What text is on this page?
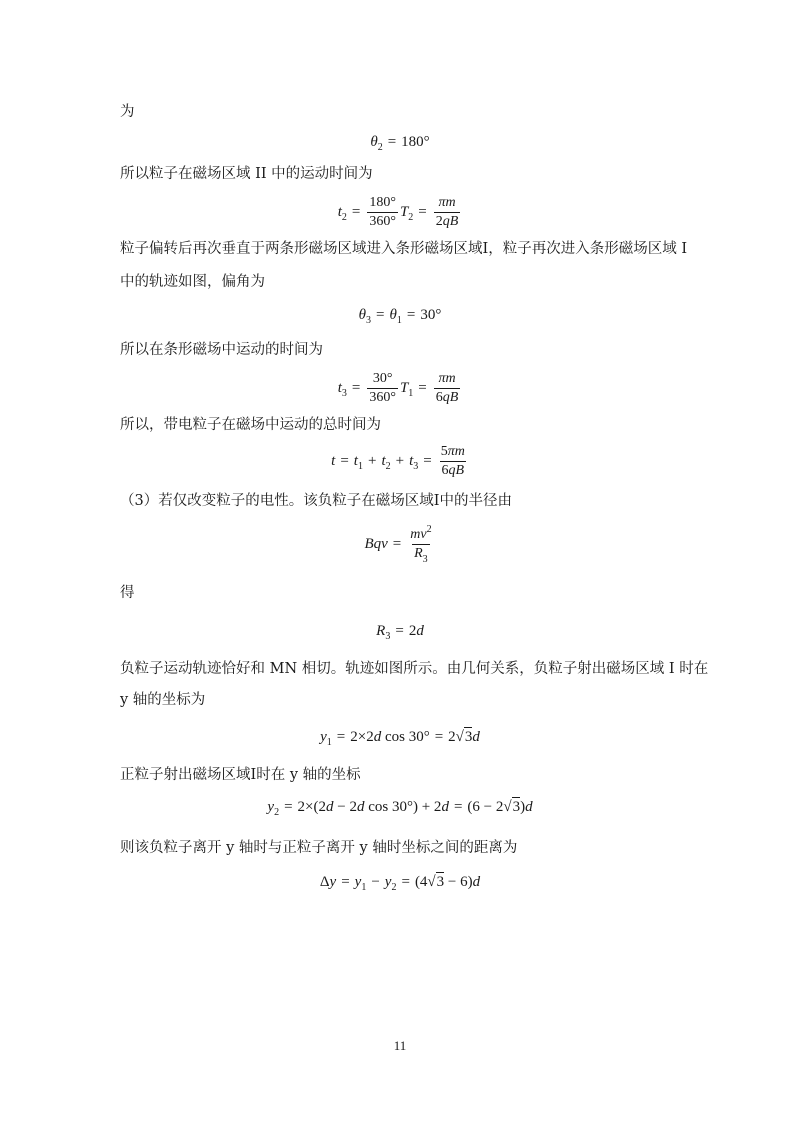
为
θ 2 = 180°
所以粒子在磁场区域 II 中的运动时间为
t $2 = \frac{180^\circ}{360^\circ}$ T $2 = \frac{\pi m}{2qB}$
粒子偏转后再次垂直于两条形磁场区域进入条形磁场区域I，粒子再次进入条形磁场区域 I
中的轨迹如图，偏角为
θ 3 = θ 1 = 30°
所以在条形磁场中运动的时间为
t $3 = \frac{30^\circ}{360^\circ}$ T $1 = \frac{\pi m}{6qB}$
所以，带电粒子在磁场中运动的总时间为
t = t 1 + t 2 + t $3 = \frac{5\pi m}{6qB}$
（3）若仅改变粒子的电性。该负粒子在磁场区域I中的半径由
Bqv = $\frac{mv^2}{R_3}$
得
R 3 = 2d
负粒子运动轨迹恰好和 MN 相切。轨迹如图所示。由几何关系，负粒子射出磁场区域 I 时在
y 轴的坐标为
y 1 = 2×2d cos 30° = 2√3d
正粒子射出磁场区域I时在 y 轴的坐标
y 2 = 2×(2d − 2d cos 30°) + 2d = (6 − 2√3)d
则该负粒子离开 y 轴时与正粒子离开 y 轴时坐标之间的距离为
Δy = y 1 − y 2 = (4√3 − 6)d
11
